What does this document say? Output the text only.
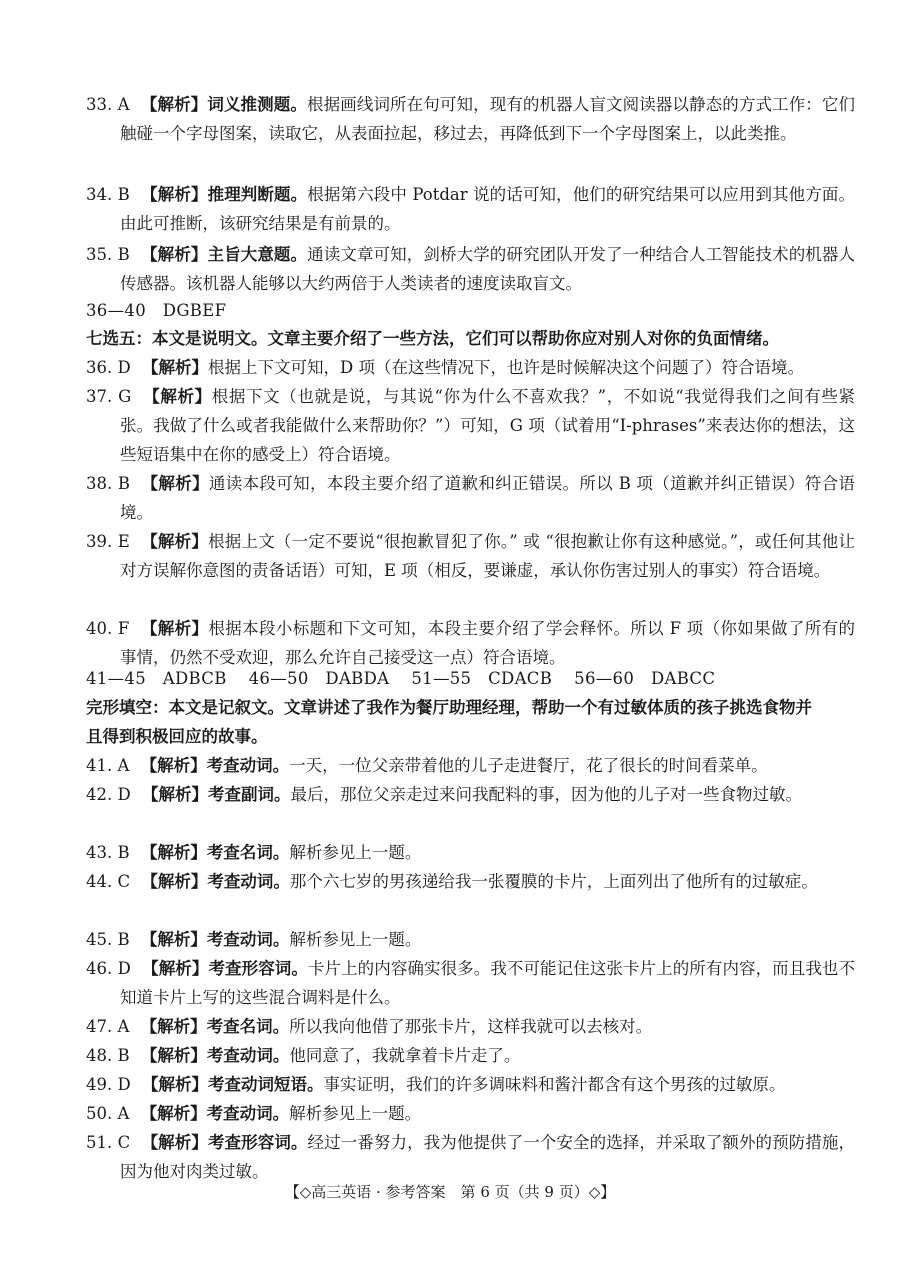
33. A 【解析】词义推测题。根据画线词所在句可知，现有的机器人盲文阅读器以静态的方式工作：它们触碰一个字母图案，读取它，从表面拉起，移过去，再降低到下一个字母图案上，以此类推。
34. B 【解析】推理判断题。根据第六段中 Potdar 说的话可知，他们的研究结果可以应用到其他方面。由此可推断，该研究结果是有前景的。
35. B 【解析】主旨大意题。通读文章可知，剑桥大学的研究团队开发了一种结合人工智能技术的机器人传感器。该机器人能够以大约两倍于人类读者的速度读取盲文。
36—40　DGBEF
七选五：本文是说明文。文章主要介绍了一些方法，它们可以帮助你应对别人对你的负面情绪。
36. D 【解析】根据上下文可知，D 项（在这些情况下，也许是时候解决这个问题了）符合语境。
37. G 【解析】根据下文（也就是说，与其说“你为什么不喜欢我？”，不如说“我觉得我们之间有些紧张。我做了什么或者我能做什么来帮助你？”）可知，G 项（试着用“I-phrases”来表达你的想法，这些短语集中在你的感受上）符合语境。
38. B 【解析】通读本段可知，本段主要介绍了道歉和纠正错误。所以 B 项（道歉并纠正错误）符合语境。
39. E 【解析】根据上文（一定不要说“很抱歉冒犯了你。” 或 “很抱歉让你有这种感觉。”，或任何其他让对方误解你意图的责备话语）可知，E 项（相反，要谦虚，承认你伤害过别人的事实）符合语境。
40. F 【解析】根据本段小标题和下文可知，本段主要介绍了学会释怀。所以 F 项（你如果做了所有的事情，仍然不受欢迎，那么允许自己接受这一点）符合语境。
41—45　ADBCB 46—50　DABDA 51—55　CDACB 56—60　DABCC
完形填空：本文是记叙文。文章讲述了我作为餐厅助理经理，帮助一个有过敏体质的孩子挑选食物并且得到积极回应的故事。
41. A 【解析】考查动词。一天，一位父亲带着他的儿子走进餐厅，花了很长的时间看菜单。
42. D 【解析】考查副词。最后，那位父亲走过来问我配料的事，因为他的儿子对一些食物过敏。
43. B 【解析】考查名词。解析参见上一题。
44. C 【解析】考查动词。那个六七岁的男孩递给我一张覆膜的卡片，上面列出了他所有的过敏症。
45. B 【解析】考查动词。解析参见上一题。
46. D 【解析】考查形容词。卡片上的内容确实很多。我不可能记住这张卡片上的所有内容，而且我也不知道卡片上写的这些混合调料是什么。
47. A 【解析】考查名词。所以我向他借了那张卡片，这样我就可以去核对。
48. B 【解析】考查动词。他同意了，我就拿着卡片走了。
49. D 【解析】考查动词短语。事实证明，我们的许多调味料和酱汁都含有这个男孩的过敏原。
50. A 【解析】考查动词。解析参见上一题。
51. C 【解析】考查形容词。经过一番努力，我为他提供了一个安全的选择，并采取了额外的预防措施，因为他对肉类过敏。
【◇高三英语 · 参考答案　第 6 页（共 9 页）◇】
